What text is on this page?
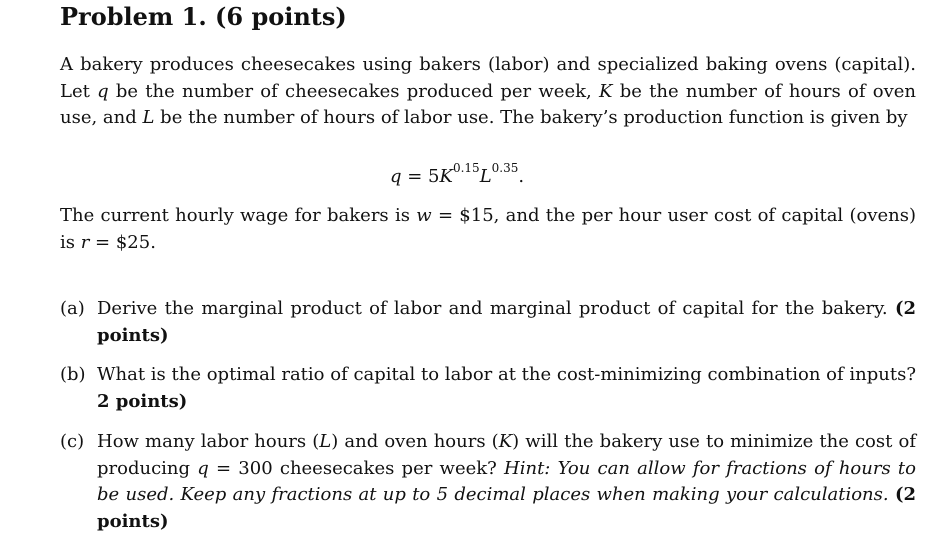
Problem 1. (6 points)
A bakery produces cheesecakes using bakers (labor) and specialized baking ovens (capital). Let q be the number of cheesecakes produced per week, K be the number of hours of oven use, and L be the number of hours of labor use. The bakery’s production function is given by
$q = 5K^{0.15}L^{0.35}$.
The current hourly wage for bakers is w = $15, and the per hour user cost of capital (ovens) is r = $25.
(a) Derive the marginal product of labor and marginal product of capital for the bakery. (2 points)
(b) What is the optimal ratio of capital to labor at the cost-minimizing combination of inputs? 2 points)
(c) How many labor hours (L) and oven hours (K) will the bakery use to minimize the cost of producing q = 300 cheesecakes per week? Hint: You can allow for fractions of hours to be used. Keep any fractions at up to 5 decimal places when making your calculations. (2 points)
